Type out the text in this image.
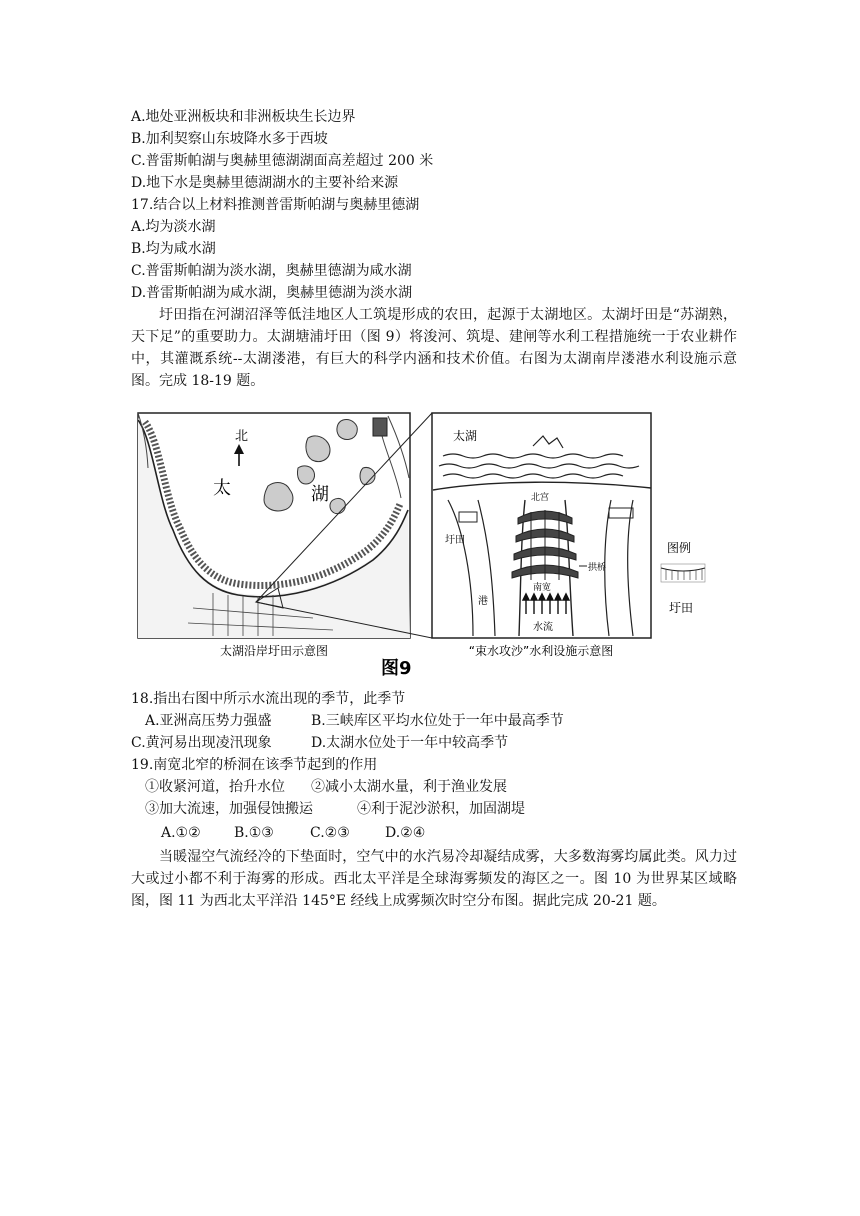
A.地处亚洲板块和非洲板块生长边界
B.加利契察山东坡降水多于西坡
C.普雷斯帕湖与奥赫里德湖湖面高差超过 200 米
D.地下水是奥赫里德湖湖水的主要补给来源
17.结合以上材料推测普雷斯帕湖与奥赫里德湖
A.均为淡水湖
B.均为咸水湖
C.普雷斯帕湖为淡水湖，奥赫里德湖为咸水湖
D.普雷斯帕湖为咸水湖，奥赫里德湖为淡水湖
圩田指在河湖沼泽等低洼地区人工筑堤形成的农田，起源于太湖地区。太湖圩田是“苏湖熟，天下足”的重要助力。太湖塘浦圩田（图 9）将浚河、筑堤、建闸等水利工程措施统一于农业耕作中，其灌溉系统--太湖溇港，有巨大的科学内涵和技术价值。右图为太湖南岸溇港水利设施示意图。完成 18-19 题。
北
太	湖
太湖沿岸圩田示意图
太湖
圩田
港
北宫
拱桥
南宽
水流
“束水攻沙”水利设施示意图
图例
圩田
图9
18.指出右图中所示水流出现的季节，此季节
A.亚洲高压势力强盛	B.三峡库区平均水位处于一年中最高季节
C.黄河易出现凌汛现象	D.太湖水位处于一年中较高季节
19.南宽北窄的桥洞在该季节起到的作用
①收紧河道，抬升水位 ②减小太湖水量，利于渔业发展
③加大流速，加强侵蚀搬运	④利于泥沙淤积，加固湖堤
A.①② B.①③	C.②③	D.②④
当暖湿空气流经冷的下垫面时，空气中的水汽易冷却凝结成雾，大多数海雾均属此类。风力过大或过小都不利于海雾的形成。西北太平洋是全球海雾频发的海区之一。图 10 为世界某区域略图，图 11 为西北太平洋沿 145°E 经线上成雾频次时空分布图。据此完成 20-21 题。
